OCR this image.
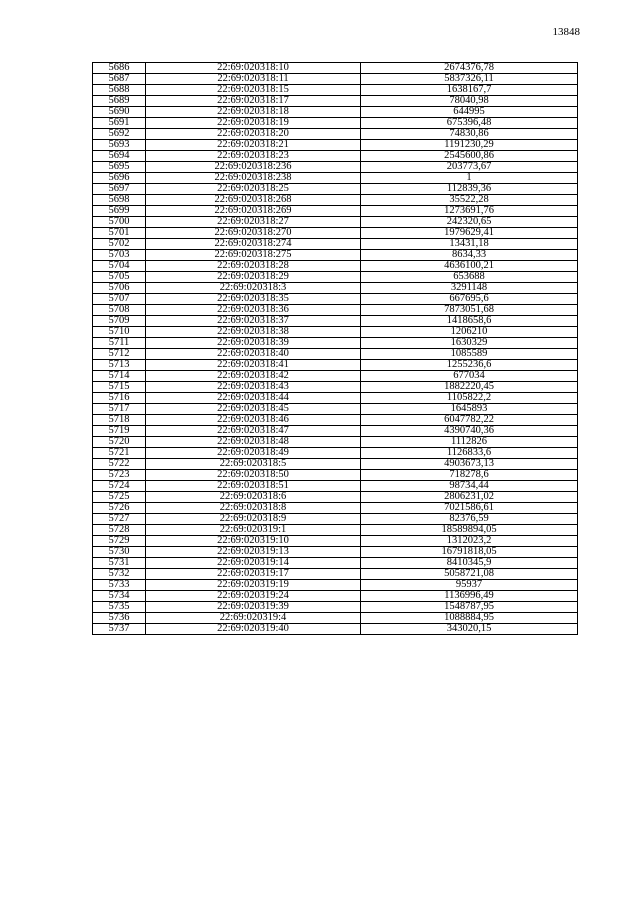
13848
5686	22:69:020318:10	2674376,78
5687	22:69:020318:11	5837326,11
5688	22:69:020318:15	1638167,7
5689	22:69:020318:17	78040,98
5690	22:69:020318:18	644995
5691	22:69:020318:19	675396,48
5692	22:69:020318:20	74830,86
5693	22:69:020318:21	1191230,29
5694	22:69:020318:23	2545600,86
5695	22:69:020318:236	203773,67
5696	22:69:020318:238	1
5697	22:69:020318:25	112839,36
5698	22:69:020318:268	35522,28
5699	22:69:020318:269	1273691,76
5700	22:69:020318:27	242320,65
5701	22:69:020318:270	1979629,41
5702	22:69:020318:274	13431,18
5703	22:69:020318:275	8634,33
5704	22:69:020318:28	4636100,21
5705	22:69:020318:29	653688
5706	22:69:020318:3	3291148
5707	22:69:020318:35	667695,6
5708	22:69:020318:36	7873051,68
5709	22:69:020318:37	1418658,6
5710	22:69:020318:38	1206210
5711	22:69:020318:39	1630329
5712	22:69:020318:40	1085589
5713	22:69:020318:41	1255236,6
5714	22:69:020318:42	677034
5715	22:69:020318:43	1882220,45
5716	22:69:020318:44	1105822,2
5717	22:69:020318:45	1645893
5718	22:69:020318:46	6047782,22
5719	22:69:020318:47	4390740,36
5720	22:69:020318:48	1112826
5721	22:69:020318:49	1126833,6
5722	22:69:020318:5	4903673,13
5723	22:69:020318:50	718278,6
5724	22:69:020318:51	98734,44
5725	22:69:020318:6	2806231,02
5726	22:69:020318:8	7021586,61
5727	22:69:020318:9	82376,59
5728	22:69:020319:1	18589894,05
5729	22:69:020319:10	1312023,2
5730	22:69:020319:13	16791818,05
5731	22:69:020319:14	8410345,9
5732	22:69:020319:17	5058721,08
5733	22:69:020319:19	95937
5734	22:69:020319:24	1136996,49
5735	22:69:020319:39	1548787,95
5736	22:69:020319:4	1088884,95
5737	22:69:020319:40	343020,15
